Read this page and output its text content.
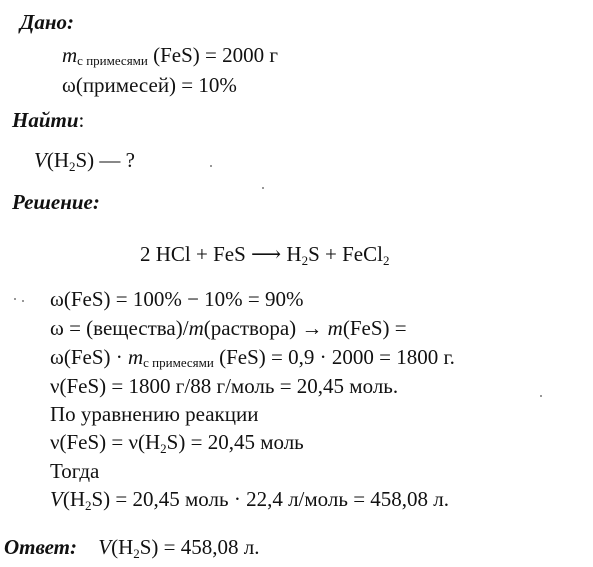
Дано:
mс примесями (FeS) = 2000 г
ω(примесей) = 10%
Найти:
$V(H_2S)$ — ?
Решение:
2 HCl + FeS ⟶ $H_2S$ + FeCl$_2$
ω(FeS) = 100% − 10% = 90%
ω = (вещества)/m(раствора) → m(FeS) =
ω(FeS) · mс примесями (FeS) = 0,9 · 2000 = 1800 г.
ν(FeS) = 1800 г/88 г/моль = 20,45 моль.
По уравнению реакции
$\nu(FeS) = \nu(H_2S) = 20,45$ моль
Тогда
$V(H_2S) = 20,45$ моль · 22,4 л/моль = 458,08 л.
Ответ: $V(H_2S) = 458,08$ л.
